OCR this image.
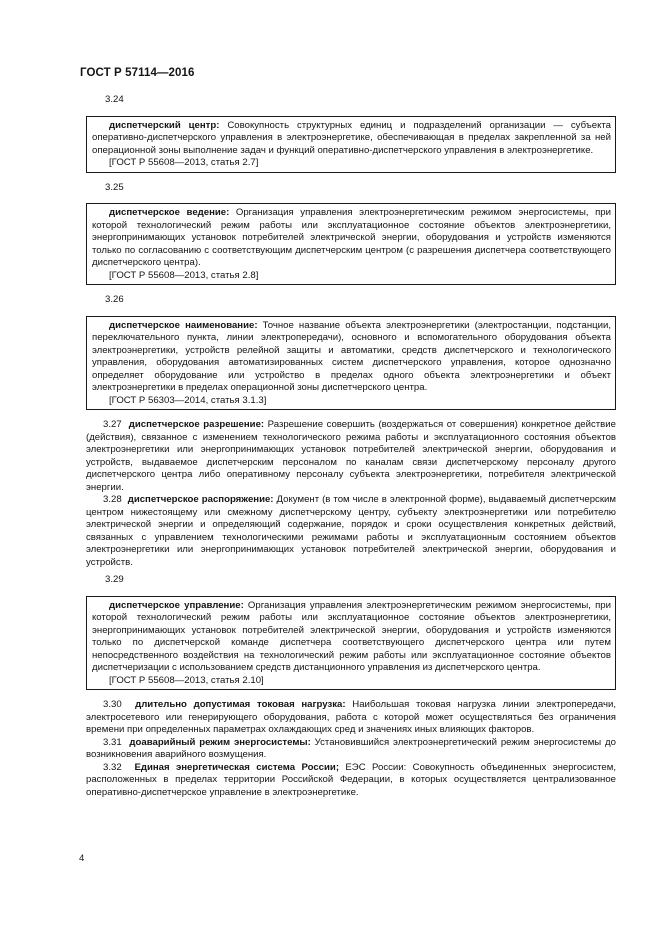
ГОСТ Р 57114—2016
3.24

диспетчерский центр: Совокупность структурных единиц и подразделений организации — субъекта оперативно-диспетчерского управления в электроэнергетике, обеспечивающая в пределах закрепленной за ней операционной зоны выполнение задач и функций оперативно-диспетчерского управления в электроэнергетике.

[ГОСТ Р 55608—2013, статья 2.7]
3.25

диспетчерское ведение: Организация управления электроэнергетическим режимом энергосистемы, при которой технологический режим работы или эксплуатационное состояние объектов электроэнергетики, энергопринимающих установок потребителей электрической энергии, оборудования и устройств изменяются только по согласованию с соответствующим диспетчерским центром (с разрешения диспетчера соответствующего диспетчерского центра).

[ГОСТ Р 55608—2013, статья 2.8]
3.26

диспетчерское наименование: Точное название объекта электроэнергетики (электростанции, подстанции, переключательного пункта, линии электропередачи), основного и вспомогательного оборудования объекта электроэнергетики, устройств релейной защиты и автоматики, средств диспетчерского и технологического управления, оборудования автоматизированных систем диспетчерского управления, которое однозначно определяет оборудование или устройство в пределах одного объекта электроэнергетики и объект электроэнергетики в пределах операционной зоны диспетчерского центра.

[ГОСТ Р 56303—2014, статья 3.1.3]

3.27 диспетчерское разрешение: Разрешение совершить (воздержаться от совершения) конкретное действие (действия), связанное с изменением технологического режима работы и эксплуатационного состояния объектов электроэнергетики или энергопринимающих установок потребителей электрической энергии, оборудования и устройств, выдаваемое диспетчерским персоналом по каналам связи диспетчерскому персоналу другого диспетчерского центра либо оперативному персоналу субъекта электроэнергетики, потребителя электрической энергии.

3.28 диспетчерское распоряжение: Документ (в том числе в электронной форме), выдаваемый диспетчерским центром нижестоящему или смежному диспетчерскому центру, субъекту электроэнергетики или потребителю электрической энергии и определяющий содержание, порядок и сроки осуществления конкретных действий, связанных с управлением технологическими режимами работы и эксплуатационным состоянием объектов электроэнергетики или энергопринимающих установок потребителей электрической энергии, оборудования и устройств.

3.29

диспетчерское управление: Организация управления электроэнергетическим режимом энергосистемы, при которой технологический режим работы или эксплуатационное состояние объектов электроэнергетики, энергопринимающих установок потребителей электрической энергии, оборудования и устройств изменяются только по диспетчерской команде диспетчера соответствующего диспетчерского центра или путем непосредственного воздействия на технологический режим работы или эксплуатационное состояние объектов диспетчеризации с использованием средств дистанционного управления из диспетчерского центра.

[ГОСТ Р 55608—2013, статья 2.10]

3.30 длительно допустимая токовая нагрузка: Наибольшая токовая нагрузка линии электропередачи, электросетевого или генерирующего оборудования, работа с которой может осуществляться без ограничения времени при определенных параметрах охлаждающих сред и значениях иных влияющих факторов.

3.31 доаварийный режим энергосистемы: Установившийся электроэнергетический режим энергосистемы до возникновения аварийного возмущения.

3.32 Единая энергетическая система России; ЕЭС России: Совокупность объединенных энергосистем, расположенных в пределах территории Российской Федерации, в которых осуществляется централизованное оперативно-диспетчерское управление в электроэнергетике.

4
